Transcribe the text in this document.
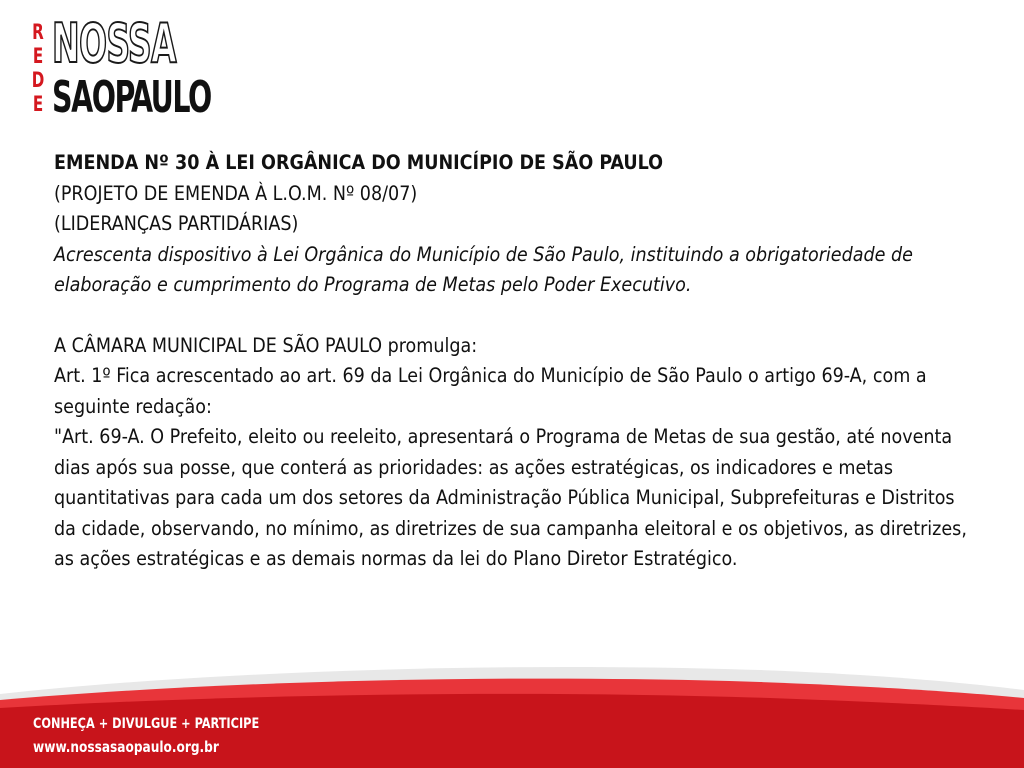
R
E
D
E
NOSSA
SAOPAULO

EMENDA Nº 30 À LEI ORGÂNICA DO MUNICÍPIO DE SÃO PAULO

(PROJETO DE EMENDA À L.O.M. Nº 08/07)

(LIDERANÇAS PARTIDÁRIAS)

Acrescenta dispositivo à Lei Orgânica do Município de São Paulo, instituindo a obrigatoriedade de elaboração e cumprimento do Programa de Metas pelo Poder Executivo.

A CÂMARA MUNICIPAL DE SÃO PAULO promulga:

Art. 1º Fica acrescentado ao art. 69 da Lei Orgânica do Município de São Paulo o artigo 69-A, com a seguinte redação:

"Art. 69-A. O Prefeito, eleito ou reeleito, apresentará o Programa de Metas de sua gestão, até noventa dias após sua posse, que conterá as prioridades: as ações estratégicas, os indicadores e metas quantitativas para cada um dos setores da Administração Pública Municipal, Subprefeituras e Distritos da cidade, observando, no mínimo, as diretrizes de sua campanha eleitoral e os objetivos, as diretrizes, as ações estratégicas e as demais normas da lei do Plano Diretor Estratégico.

CONHEÇA + DIVULGUE + PARTICIPE
www.nossasaopaulo.org.br
